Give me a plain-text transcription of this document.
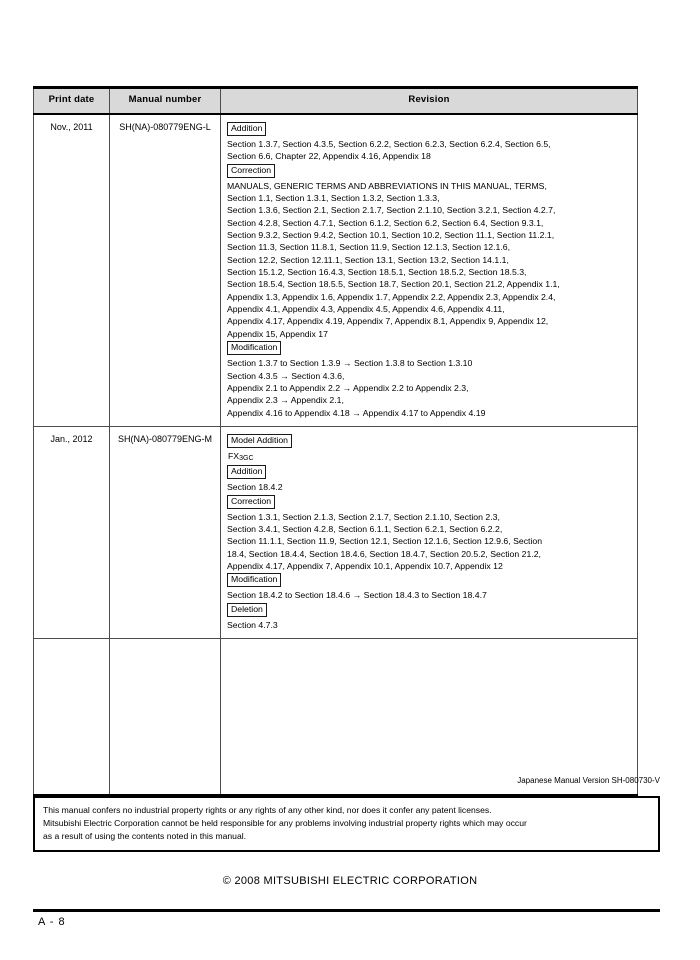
Print date	Manual number	Revision
Nov., 2011	SH(NA)-080779ENG-L	Addition
Section 1.3.7, Section 4.3.5, Section 6.2.2, Section 6.2.3, Section 6.2.4, Section 6.5,
Section 6.6, Chapter 22, Appendix 4.16, Appendix 18
Correction
MANUALS, GENERIC TERMS AND ABBREVIATIONS IN THIS MANUAL, TERMS,
Section 1.1, Section 1.3.1, Section 1.3.2, Section 1.3.3,
Section 1.3.6, Section 2.1, Section 2.1.7, Section 2.1.10, Section 3.2.1, Section 4.2.7,
Section 4.2.8, Section 4.7.1, Section 6.1.2, Section 6.2, Section 6.4, Section 9.3.1,
Section 9.3.2, Section 9.4.2, Section 10.1, Section 10.2, Section 11.1, Section 11.2.1,
Section 11.3, Section 11.8.1, Section 11.9, Section 12.1.3, Section 12.1.6,
Section 12.2, Section 12.11.1, Section 13.1, Section 13.2, Section 14.1.1,
Section 15.1.2, Section 16.4.3, Section 18.5.1, Section 18.5.2, Section 18.5.3,
Section 18.5.4, Section 18.5.5, Section 18.7, Section 20.1, Section 21.2, Appendix 1.1,
Appendix 1.3, Appendix 1.6, Appendix 1.7, Appendix 2.2, Appendix 2.3, Appendix 2.4,
Appendix 4.1, Appendix 4.3, Appendix 4.5, Appendix 4.6, Appendix 4.11,
Appendix 4.17, Appendix 4.19, Appendix 7, Appendix 8.1, Appendix 9, Appendix 12,
Appendix 15, Appendix 17
Modification
Section 1.3.7 to Section 1.3.9 → Section 1.3.8 to Section 1.3.10
Section 4.3.5 → Section 4.3.6,
Appendix 2.1 to Appendix 2.2 → Appendix 2.2 to Appendix 2.3,
Appendix 2.3 → Appendix 2.1,
Appendix 4.16 to Appendix 4.18 → Appendix 4.17 to Appendix 4.19

Jan., 2012	SH(NA)-080779ENG-M	Model Addition
$FX_{3GC}$
Addition
Section 18.4.2
Correction
Section 1.3.1, Section 2.1.3, Section 2.1.7, Section 2.1.10, Section 2.3,
Section 3.4.1, Section 4.2.8, Section 6.1.1, Section 6.2.1, Section 6.2.2,
Section 11.1.1, Section 11.9, Section 12.1, Section 12.1.6, Section 12.9.6, Section
18.4, Section 18.4.4, Section 18.4.6, Section 18.4.7, Section 20.5.2, Section 21.2,
Appendix 4.17, Appendix 7, Appendix 10.1, Appendix 10.7, Appendix 12
Modification
Section 18.4.2 to Section 18.4.6 → Section 18.4.3 to Section 18.4.7
Deletion
Section 4.7.3

Japanese Manual Version SH-080730-V
This manual confers no industrial property rights or any rights of any other kind, nor does it confer any patent licenses.
Mitsubishi Electric Corporation cannot be held responsible for any problems involving industrial property rights which may occur
as a result of using the contents noted in this manual.
© 2008 MITSUBISHI ELECTRIC CORPORATION
A - 8
